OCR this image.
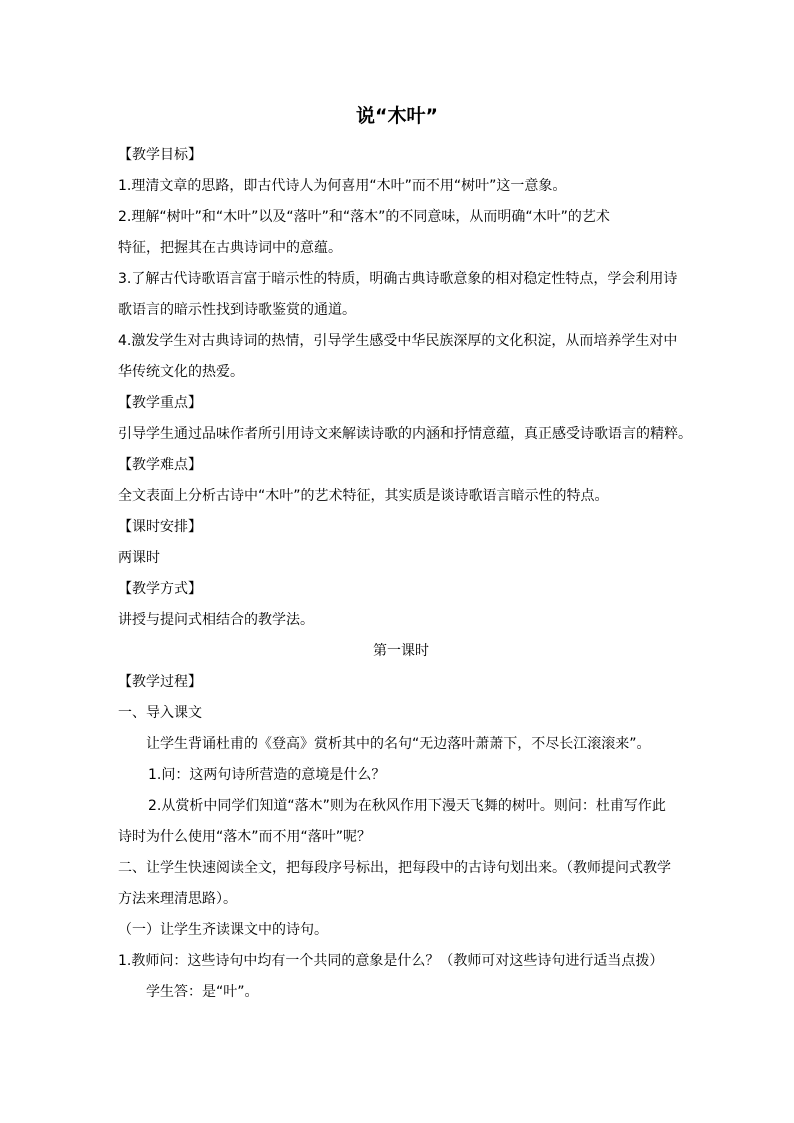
说“木叶”

【教学目标】

1.理清文章的思路，即古代诗人为何喜用“木叶”而不用“树叶”这一意象。

2.理解“树叶”和“木叶”以及“落叶”和“落木”的不同意味，从而明确“木叶”的艺术

特征，把握其在古典诗词中的意蕴。

3.了解古代诗歌语言富于暗示性的特质，明确古典诗歌意象的相对稳定性特点，学会利用诗

歌语言的暗示性找到诗歌鉴赏的通道。

4.激发学生对古典诗词的热情，引导学生感受中华民族深厚的文化积淀，从而培养学生对中

华传统文化的热爱。

【教学重点】

引导学生通过品味作者所引用诗文来解读诗歌的内涵和抒情意蕴，真正感受诗歌语言的精粹。

【教学难点】

全文表面上分析古诗中“木叶”的艺术特征，其实质是谈诗歌语言暗示性的特点。

【课时安排】

两课时

【教学方式】

讲授与提问式相结合的教学法。

第一课时

【教学过程】

一、导入课文

让学生背诵杜甫的《登高》赏析其中的名句“无边落叶萧萧下，不尽长江滚滚来”。

1.问：这两句诗所营造的意境是什么？

2.从赏析中同学们知道“落木”则为在秋风作用下漫天飞舞的树叶。则问：杜甫写作此

诗时为什么使用“落木”而不用“落叶”呢？

二、让学生快速阅读全文，把每段序号标出，把每段中的古诗句划出来。（教师提问式教学

方法来理清思路）。

（一）让学生齐读课文中的诗句。

1.教师问：这些诗句中均有一个共同的意象是什么？（教师可对这些诗句进行适当点拨）

学生答：是“叶”。
